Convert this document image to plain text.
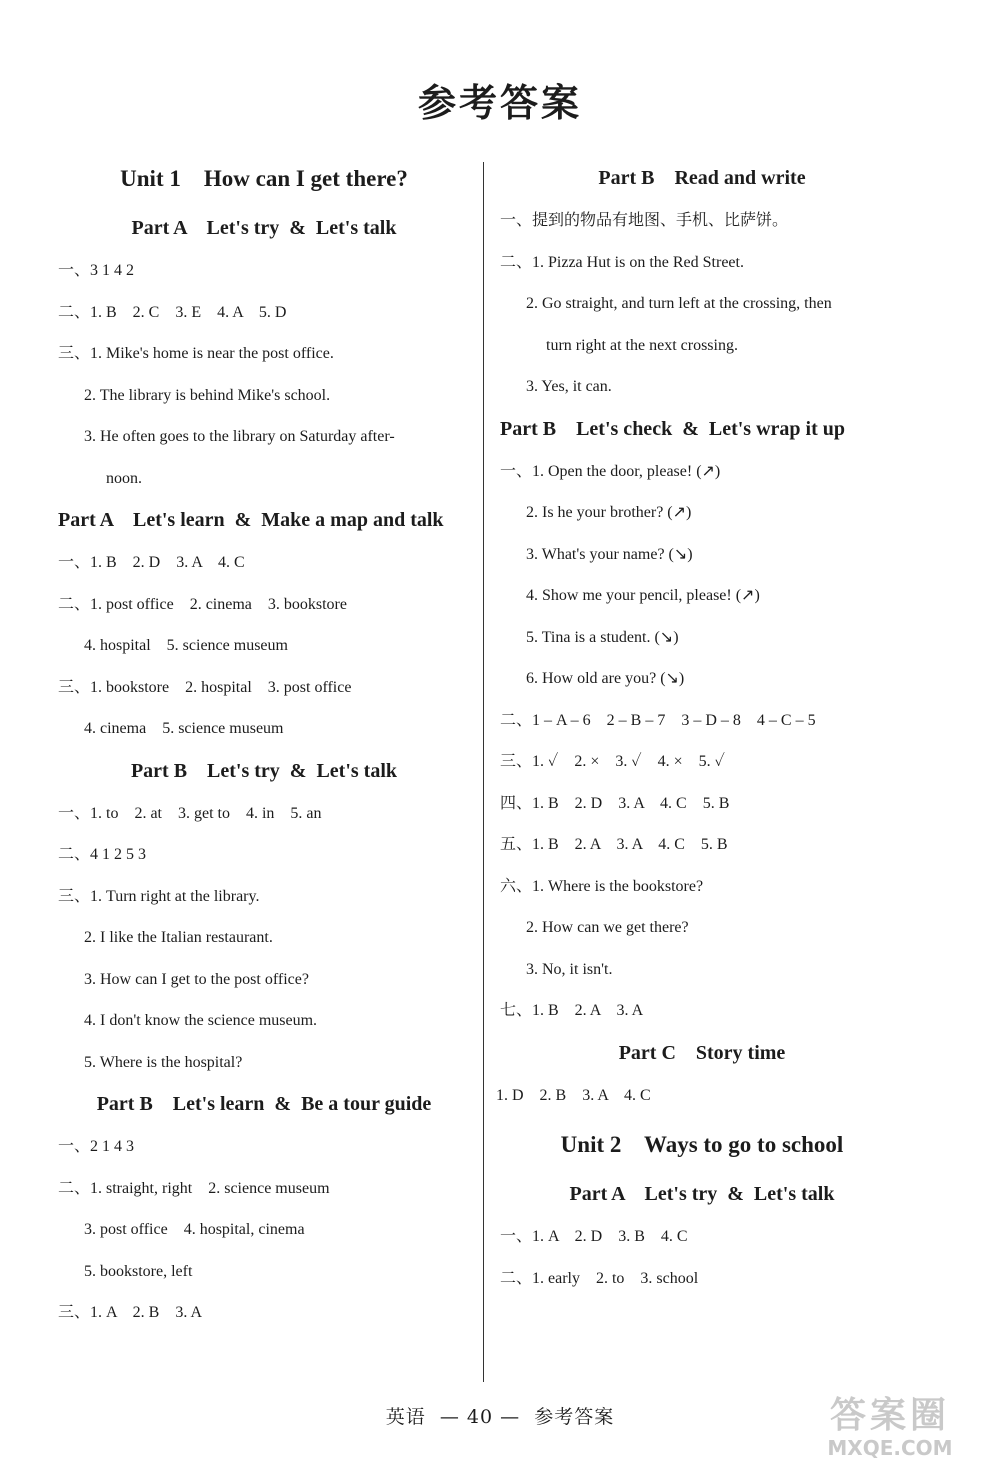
参考答案
Unit 1    How can I get there?
Part A    Let's try  &  Let's talk
一、3 1 4 2
二、1. B    2. C    3. E    4. A    5. D
三、1. Mike's home is near the post office.
2. The library is behind Mike's school.
3. He often goes to the library on Saturday after-
noon.
Part A    Let's learn  &  Make a map and talk
一、1. B    2. D    3. A    4. C
二、1. post office    2. cinema    3. bookstore
4. hospital    5. science museum
三、1. bookstore    2. hospital    3. post office
4. cinema    5. science museum
Part B    Let's try  &  Let's talk
一、1. to    2. at    3. get to    4. in    5. an
二、4 1 2 5 3
三、1. Turn right at the library.
2. I like the Italian restaurant.
3. How can I get to the post office?
4. I don't know the science museum.
5. Where is the hospital?
Part B    Let's learn  &  Be a tour guide
一、2 1 4 3
二、1. straight, right    2. science museum
3. post office    4. hospital, cinema
5. bookstore, left
三、1. A    2. B    3. A
Part B    Read and write
一、提到的物品有地图、手机、比萨饼。
二、1. Pizza Hut is on the Red Street.
2. Go straight, and turn left at the crossing, then
turn right at the next crossing.
3. Yes, it can.
Part B    Let's check  &  Let's wrap it up
一、1. Open the door, please! (↗)
2. Is he your brother? (↗)
3. What's your name? (↘)
4. Show me your pencil, please! (↗)
5. Tina is a student. (↘)
6. How old are you? (↘)
二、1 – A – 6    2 – B – 7    3 – D – 8    4 – C – 5
三、1. ✓    2. ×    3. ✓    4. ×    5. ✓
四、1. B    2. D    3. A    4. C    5. B
五、1. B    2. A    3. A    4. C    5. B
六、1. Where is the bookstore?
2. How can we get there?
3. No, it isn't.
七、1. B    2. A    3. A
Part C    Story time
1. D    2. B    3. A    4. C
Unit 2    Ways to go to school
Part A    Let's try  &  Let's talk
一、1. A    2. D    3. B    4. C
二、1. early    2. to    3. school
英语  — 40 —  参考答案	答案圈
MXQE.COM
